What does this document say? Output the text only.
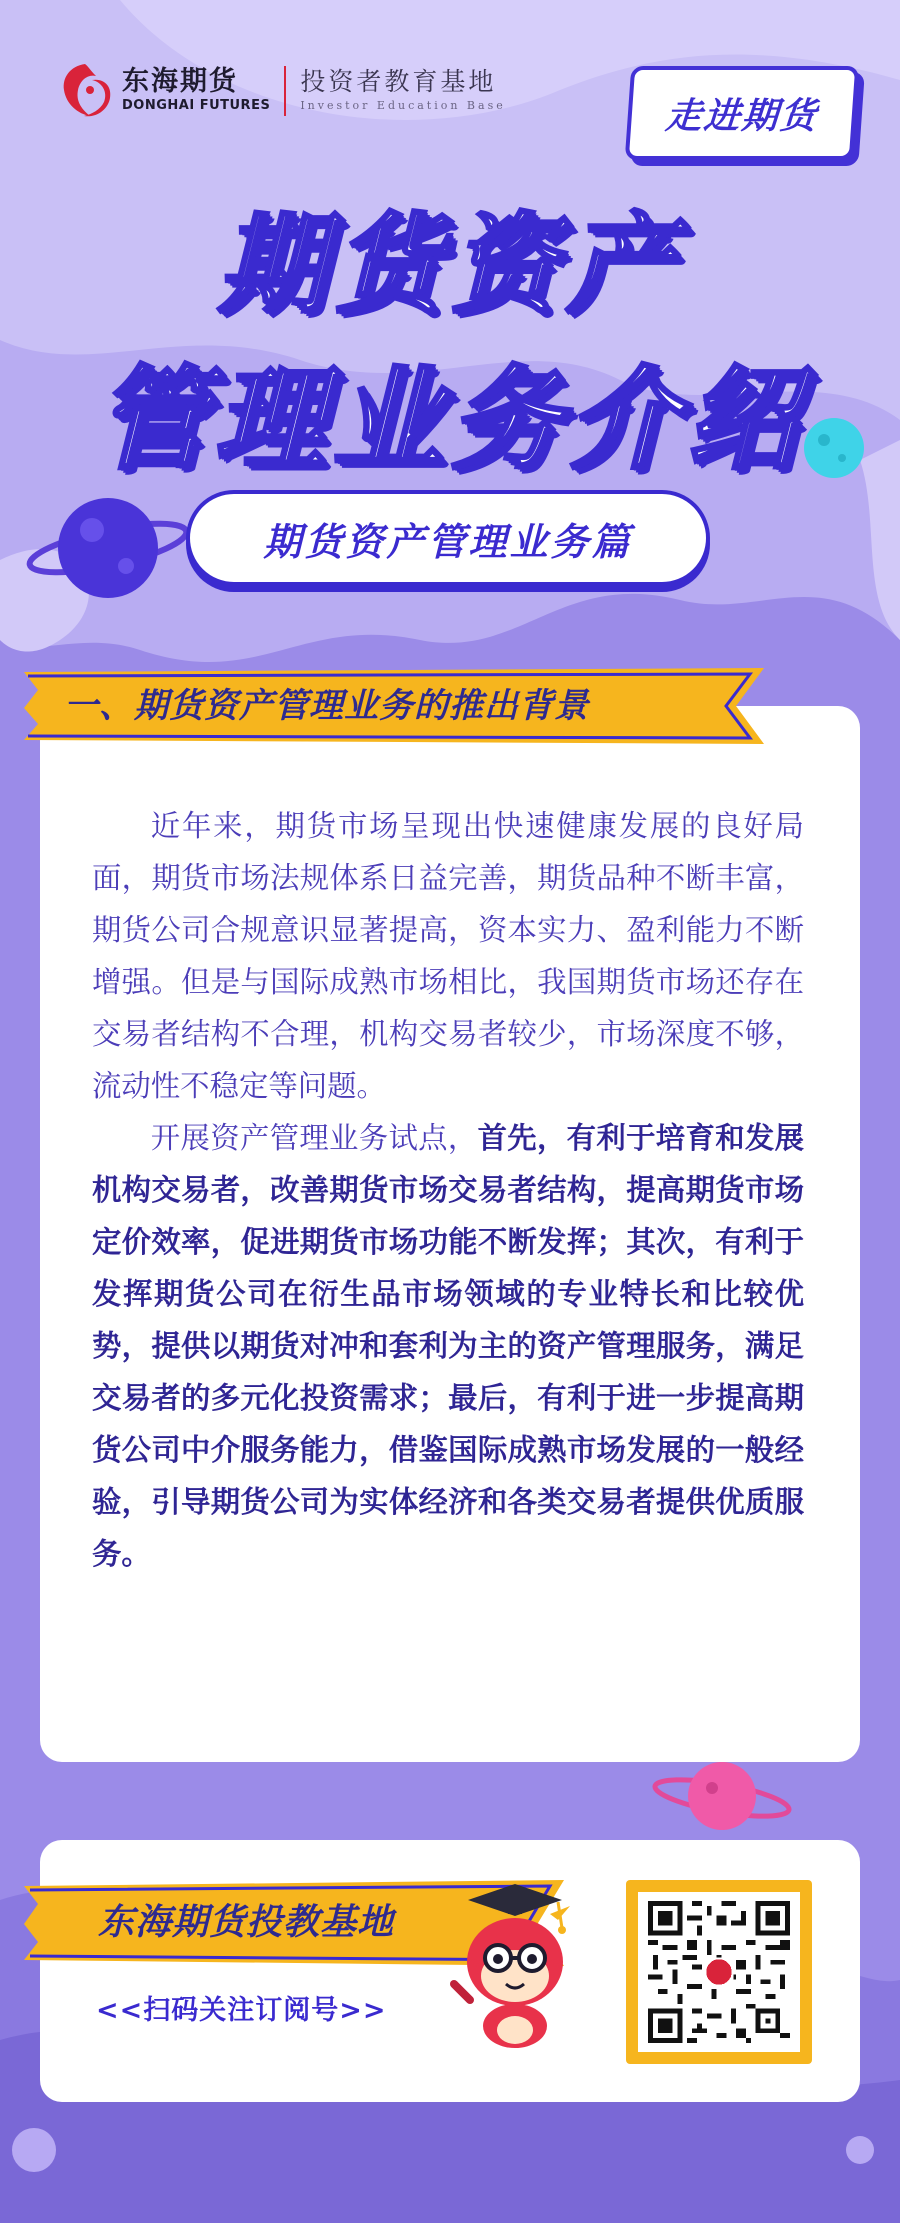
东海期货
DONGHAI FUTURES
投资者教育基地
Investor Education Base	走进期货
期货资产
管理业务介绍
期货资产管理业务篇
一、期货资产管理业务的推出背景

近年来，期货市场呈现出快速健康发展的良好局面，期货市场法规体系日益完善，期货品种不断丰富，期货公司合规意识显著提高，资本实力、盈利能力不断增强。但是与国际成熟市场相比，我国期货市场还存在交易者结构不合理，机构交易者较少，市场深度不够，流动性不稳定等问题。

开展资产管理业务试点，首先，有利于培育和发展机构交易者，改善期货市场交易者结构，提高期货市场定价效率，促进期货市场功能不断发挥；其次，有利于发挥期货公司在衍生品市场领域的专业特长和比较优势，提供以期货对冲和套利为主的资产管理服务，满足交易者的多元化投资需求；最后，有利于进一步提高期货公司中介服务能力，借鉴国际成熟市场发展的一般经验，引导期货公司为实体经济和各类交易者提供优质服务。

东海期货投教基地
<<扫码关注订阅号>>
